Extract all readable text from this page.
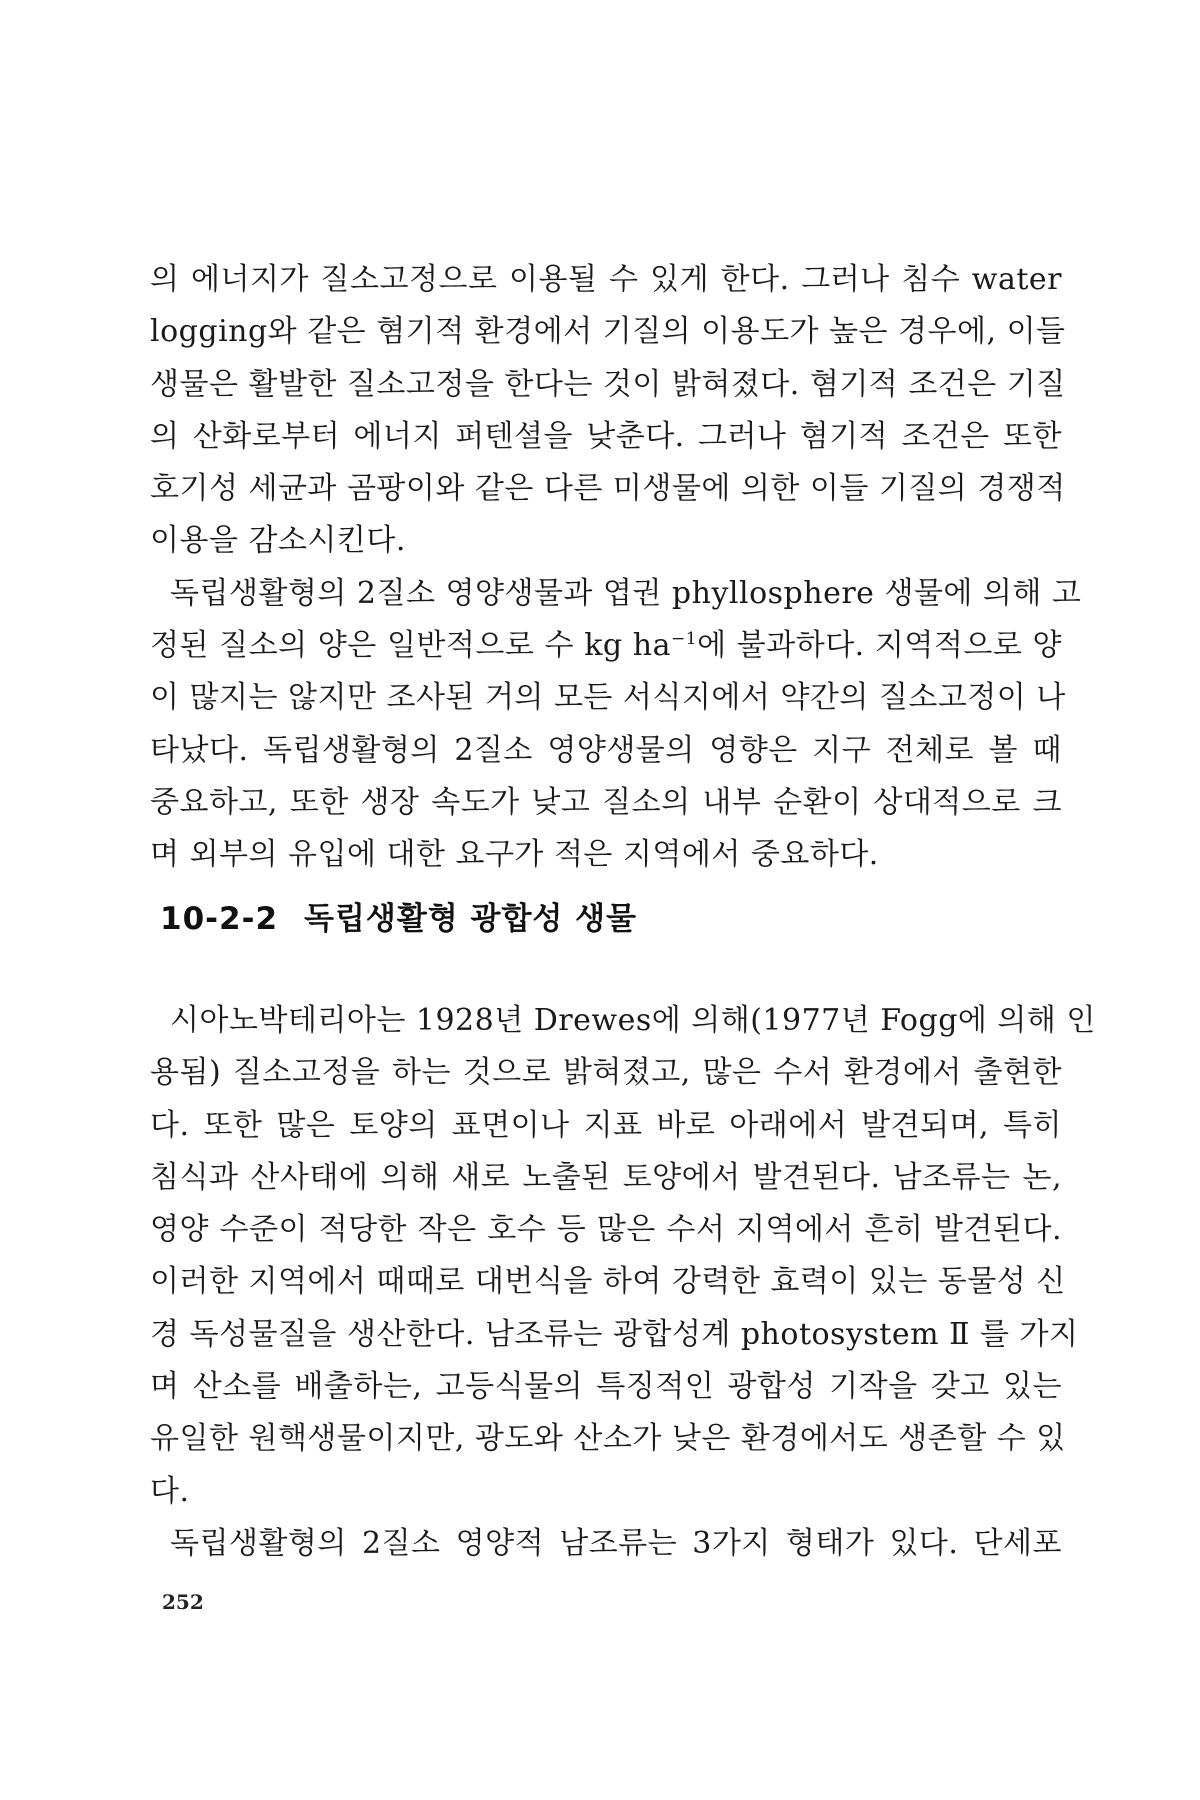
의 에너지가 질소고정으로 이용될 수 있게 한다. 그러나 침수 water
logging와 같은 혐기적 환경에서 기질의 이용도가 높은 경우에, 이들
생물은 활발한 질소고정을 한다는 것이 밝혀졌다. 혐기적 조건은 기질
의 산화로부터 에너지 퍼텐셜을 낮춘다. 그러나 혐기적 조건은 또한
호기성 세균과 곰팡이와 같은 다른 미생물에 의한 이들 기질의 경쟁적
이용을 감소시킨다.
독립생활형의 2질소 영양생물과 엽권 phyllosphere 생물에 의해 고
정된 질소의 양은 일반적으로 수 kg $ha^{-1}$에 불과하다. 지역적으로 양
이 많지는 않지만 조사된 거의 모든 서식지에서 약간의 질소고정이 나
타났다. 독립생활형의 2질소 영양생물의 영향은 지구 전체로 볼 때
중요하고, 또한 생장 속도가 낮고 질소의 내부 순환이 상대적으로 크
며 외부의 유입에 대한 요구가 적은 지역에서 중요하다.
10-2-2 독립생활형 광합성 생물
시아노박테리아는 1928년 Drewes에 의해(1977년 Fogg에 의해 인
용됨) 질소고정을 하는 것으로 밝혀졌고, 많은 수서 환경에서 출현한
다. 또한 많은 토양의 표면이나 지표 바로 아래에서 발견되며, 특히
침식과 산사태에 의해 새로 노출된 토양에서 발견된다. 남조류는 논,
영양 수준이 적당한 작은 호수 등 많은 수서 지역에서 흔히 발견된다.
이러한 지역에서 때때로 대번식을 하여 강력한 효력이 있는 동물성 신
경 독성물질을 생산한다. 남조류는 광합성계 photosystem Ⅱ 를 가지
며 산소를 배출하는, 고등식물의 특징적인 광합성 기작을 갖고 있는
유일한 원핵생물이지만, 광도와 산소가 낮은 환경에서도 생존할 수 있
다.
독립생활형의 2질소 영양적 남조류는 3가지 형태가 있다. 단세포
252
